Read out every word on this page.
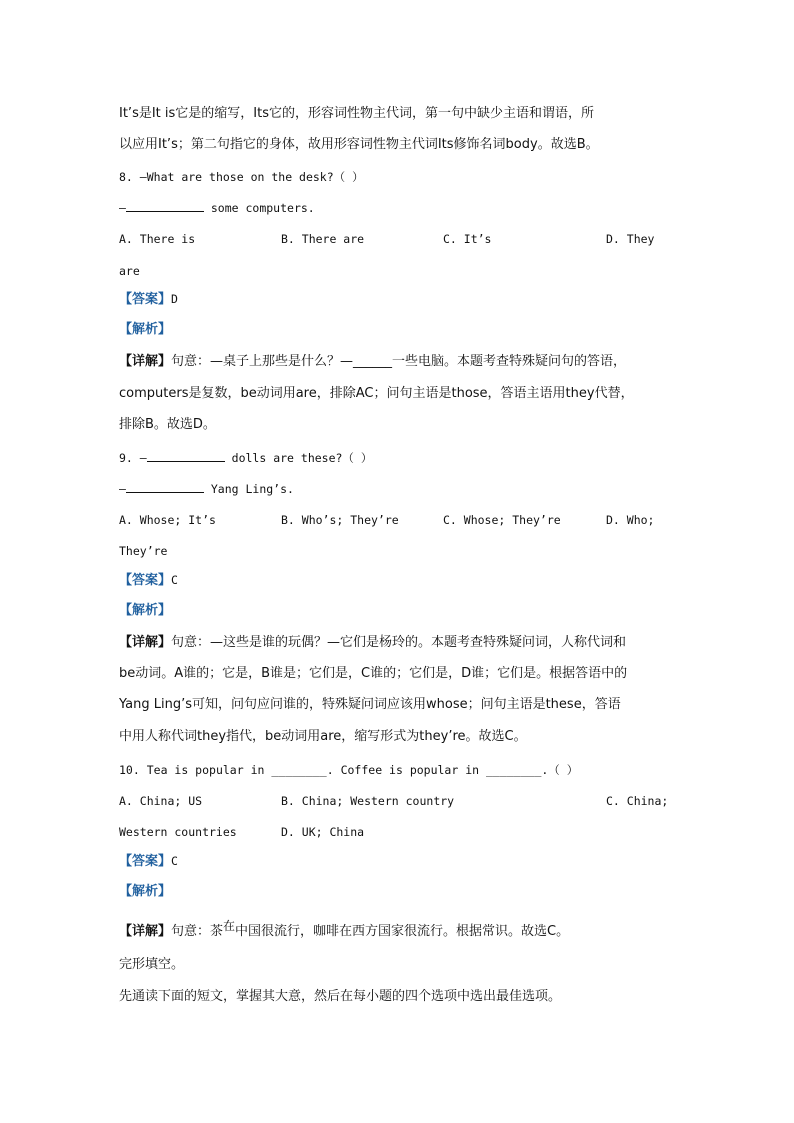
It’s是It is它是的缩写，Its它的，形容词性物主代词，第一句中缺少主语和谓语，所
以应用It’s；第二句指它的身体，故用形容词性物主代词Its修饰名词body。故选B。
8. —What are those on the desk?（ ）
—	some computers.
A. There is	B. There are	C. It’s	D. They
are
【答案】D
【解析】
【详解】句意：—桌子上那些是什么？—______一些电脑。本题考查特殊疑问句的答语，
computers是复数，be动词用are，排除AC；问句主语是those，答语主语用they代替，
排除B。故选D。
9. —	dolls are these?（ ）
—	Yang Ling’s.
A. Whose; It’s	B. Who’s; They’re	C. Whose; They’re	D. Who;
They’re
【答案】C
【解析】
【详解】句意：—这些是谁的玩偶？—它们是杨玲的。本题考查特殊疑问词，人称代词和
be动词。A谁的；它是，B谁是；它们是，C谁的；它们是，D谁；它们是。根据答语中的
Yang Ling’s可知，问句应问谁的，特殊疑问词应该用whose；问句主语是these，答语
中用人称代词they指代，be动词用are，缩写形式为they’re。故选C。
10. Tea is popular in ________. Coffee is popular in ________.（ ）
A. China; US	B. China; Western country	C. China;
Western countries	D. UK; China
【答案】C
【解析】
【详解】句意：茶在中国很流行，咖啡在西方国家很流行。根据常识。故选C。
完形填空。
先通读下面的短文，掌握其大意，然后在每小题的四个选项中选出最佳选项。
